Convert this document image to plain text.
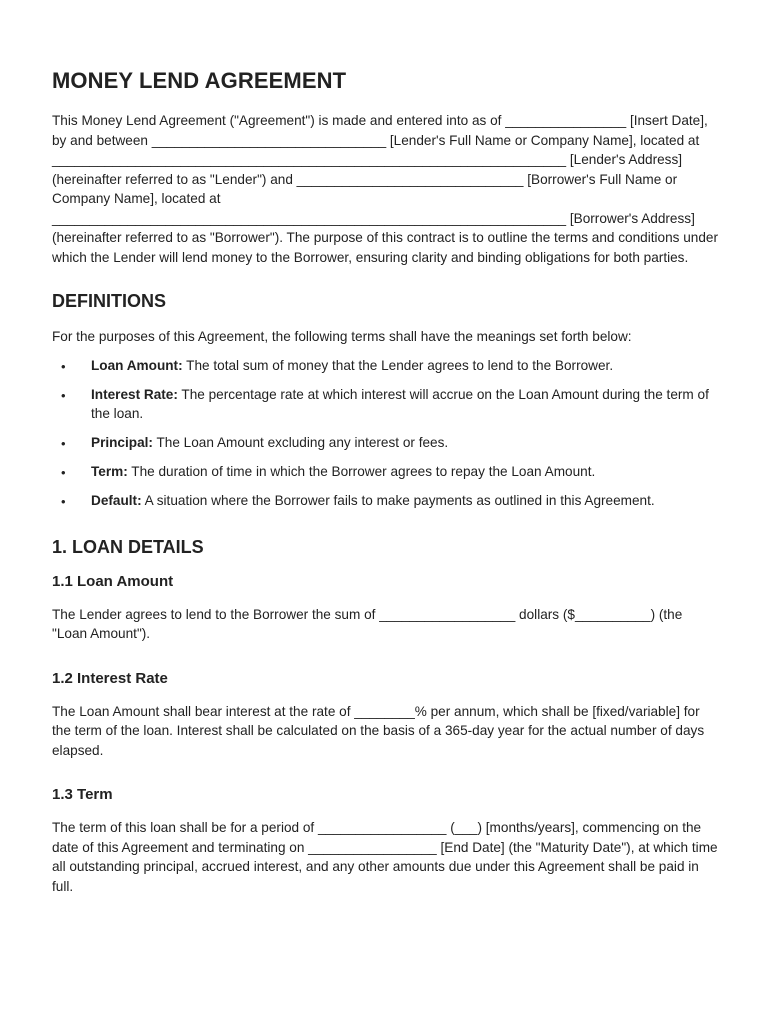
MONEY LEND AGREEMENT

This Money Lend Agreement ("Agreement") is made and entered into as of ________________ [Insert Date], by and between _______________________________ [Lender's Full Name or Company Name], located at ____________________________________________________________________ [Lender's Address] (hereinafter referred to as "Lender") and ______________________________ [Borrower's Full Name or Company Name], located at ____________________________________________________________________ [Borrower's Address] (hereinafter referred to as "Borrower"). The purpose of this contract is to outline the terms and conditions under which the Lender will lend money to the Borrower, ensuring clarity and binding obligations for both parties.

DEFINITIONS

For the purposes of this Agreement, the following terms shall have the meanings set forth below:

• Loan Amount: The total sum of money that the Lender agrees to lend to the Borrower.
• Interest Rate: The percentage rate at which interest will accrue on the Loan Amount during the term of the loan.
• Principal: The Loan Amount excluding any interest or fees.
• Term: The duration of time in which the Borrower agrees to repay the Loan Amount.
• Default: A situation where the Borrower fails to make payments as outlined in this Agreement.
1. LOAN DETAILS
1.1 Loan Amount

The Lender agrees to lend to the Borrower the sum of __________________ dollars ($__________) (the "Loan Amount").

1.2 Interest Rate

The Loan Amount shall bear interest at the rate of ________% per annum, which shall be [fixed/variable] for the term of the loan. Interest shall be calculated on the basis of a 365-day year for the actual number of days elapsed.

1.3 Term

The term of this loan shall be for a period of _________________ (___) [months/years], commencing on the date of this Agreement and terminating on _________________ [End Date] (the "Maturity Date"), at which time all outstanding principal, accrued interest, and any other amounts due under this Agreement shall be paid in full.
